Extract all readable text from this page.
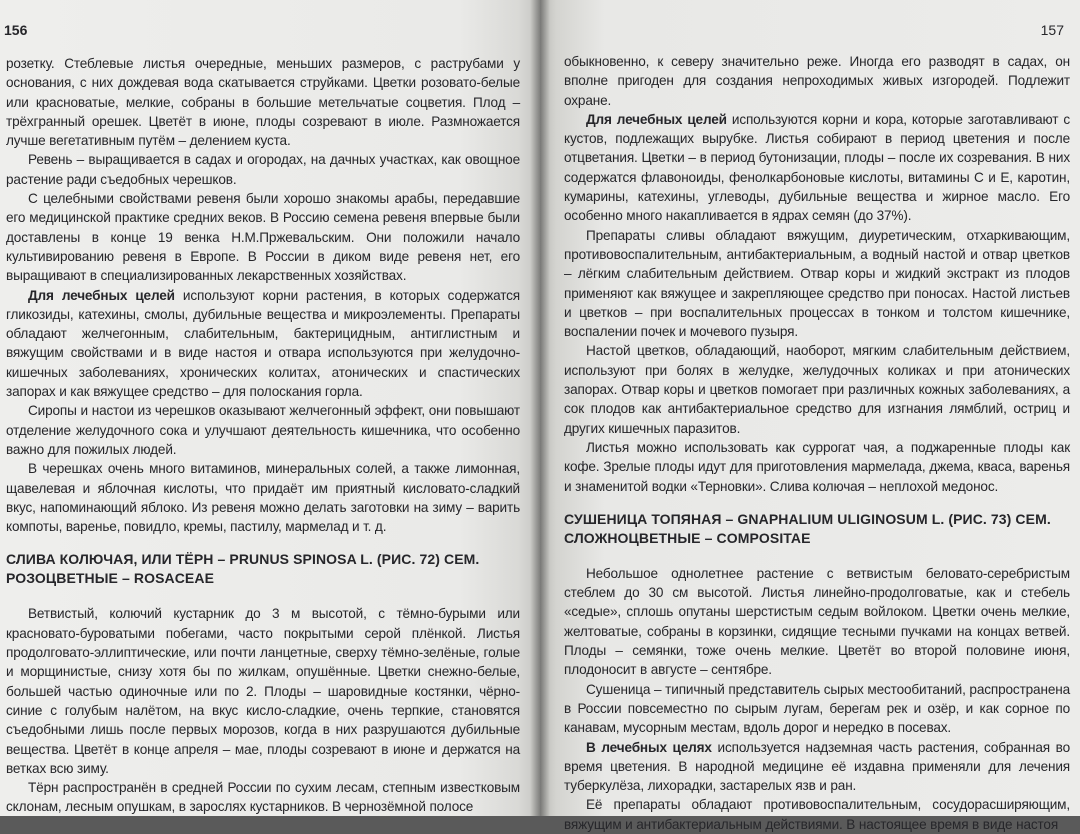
156

розетку. Стеблевые листья очередные, меньших размеров, с раструбами у основания, с них дождевая вода скатывается струйками. Цветки розовато-белые или красноватые, мелкие, собраны в большие метельчатые соцветия. Плод – трёхгранный орешек. Цветёт в июне, плоды созревают в июле. Размножается лучше вегетативным путём – делением куста.

Ревень – выращивается в садах и огородах, на дачных участках, как овощное растение ради съедобных черешков.

С целебными свойствами ревеня были хорошо знакомы арабы, передавшие его медицинской практике средних веков. В Россию семена ревеня впервые были доставлены в конце 19 венка Н.М.Пржевальским. Они положили начало культивированию ревеня в Европе. В России в диком виде ревеня нет, его выращивают в специализированных лекарственных хозяйствах.

Для лечебных целей используют корни растения, в которых содержатся гликозиды, катехины, смолы, дубильные вещества и микроэлементы. Препараты обладают желчегонным, слабительным, бактерицидным, антиглистным и вяжущим свойствами и в виде настоя и отвара используются при желудочно-кишечных заболеваниях, хронических колитах, атонических и спастических запорах и как вяжущее средство – для полоскания горла.

Сиропы и настои из черешков оказывают желчегонный эффект, они повышают отделение желудочного сока и улучшают деятельность кишечника, что особенно важно для пожилых людей.

В черешках очень много витаминов, минеральных солей, а также лимонная, щавелевая и яблочная кислоты, что придаёт им приятный кисловато-сладкий вкус, напоминающий яблоко. Из ревеня можно делать заготовки на зиму – варить компоты, варенье, повидло, кремы, пастилу, мармелад и т. д.

СЛИВА КОЛЮЧАЯ, ИЛИ ТЁРН – PRUNUS SPINOSA L. (РИС. 72) СЕМ. РОЗОЦВЕТНЫЕ – ROSACEAE

Ветвистый, колючий кустарник до 3 м высотой, с тёмно-бурыми или красновато-буроватыми побегами, часто покрытыми серой плёнкой. Листья продолговато-эллиптические, или почти ланцетные, сверху тёмно-зелёные, голые и морщинистые, снизу хотя бы по жилкам, опушённые. Цветки снежно-белые, большей частью одиночные или по 2. Плоды – шаровидные костянки, чёрно-синие с голубым налётом, на вкус кисло-сладкие, очень терпкие, становятся съедобными лишь после первых морозов, когда в них разрушаются дубильные вещества. Цветёт в конце апреля – мае, плоды созревают в июне и держатся на ветках всю зиму.

Тёрн распространён в средней России по сухим лесам, степным известковым склонам, лесным опушкам, в зарослях кустарников. В чернозёмной полосе

157

обыкновенно, к северу значительно реже. Иногда его разводят в садах, он вполне пригоден для создания непроходимых живых изгородей. Подлежит охране.

Для лечебных целей используются корни и кора, которые заготавливают с кустов, подлежащих вырубке. Листья собирают в период цветения и после отцветания. Цветки – в период бутонизации, плоды – после их созревания. В них содержатся флавоноиды, фенолкарбоновые кислоты, витамины С и Е, каротин, кумарины, катехины, углеводы, дубильные вещества и жирное масло. Его особенно много накапливается в ядрах семян (до 37%).

Препараты сливы обладают вяжущим, диуретическим, отхаркивающим, противовоспалительным, антибактериальным, а водный настой и отвар цветков – лёгким слабительным действием. Отвар коры и жидкий экстракт из плодов применяют как вяжущее и закрепляющее средство при поносах. Настой листьев и цветков – при воспалительных процессах в тонком и толстом кишечнике, воспалении почек и мочевого пузыря.

Настой цветков, обладающий, наоборот, мягким слабительным действием, используют при болях в желудке, желудочных коликах и при атонических запорах. Отвар коры и цветков помогает при различных кожных заболеваниях, а сок плодов как антибактериальное средство для изгнания лямблий, остриц и других кишечных паразитов.

Листья можно использовать как суррогат чая, а поджаренные плоды как кофе. Зрелые плоды идут для приготовления мармелада, джема, кваса, варенья и знаменитой водки «Терновки». Слива колючая – неплохой медонос.

СУШЕНИЦА ТОПЯНАЯ – GNAPHALIUM ULIGINOSUM L. (РИС. 73) СЕМ. СЛОЖНОЦВЕТНЫЕ – COMPOSITAE

Небольшое однолетнее растение с ветвистым беловато-серебристым стеблем до 30 см высотой. Листья линейно-продолговатые, как и стебель «седые», сплошь опутаны шерстистым седым войлоком. Цветки очень мелкие, желтоватые, собраны в корзинки, сидящие тесными пучками на концах ветвей. Плоды – семянки, тоже очень мелкие. Цветёт во второй половине июня, плодоносит в августе – сентябре.

Сушеница – типичный представитель сырых местообитаний, распространена в России повсеместно по сырым лугам, берегам рек и озёр, и как сорное по канавам, мусорным местам, вдоль дорог и нередко в посевах.

В лечебных целях используется надземная часть растения, собранная во время цветения. В народной медицине её издавна применяли для лечения туберкулёза, лихорадки, застарелых язв и ран.

Её препараты обладают противовоспалительным, сосудорасширяющим, вяжущим и антибактериальным действиями. В настоящее время в виде настоя
